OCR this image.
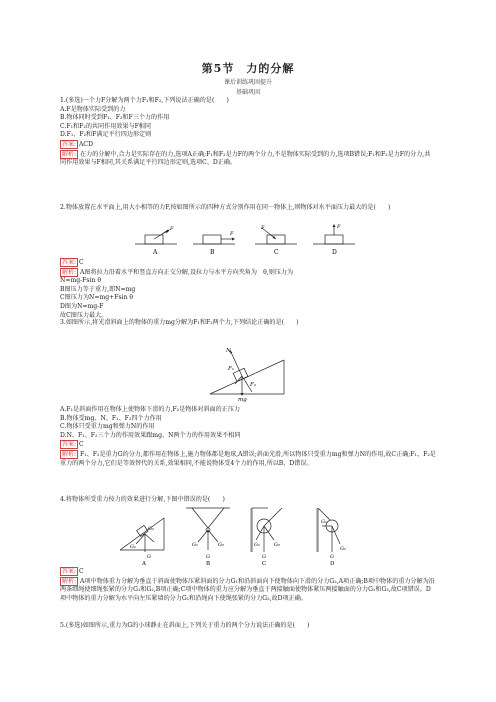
第5节　力的分解
课后训练巩固提升
基础巩固
1.(多选)一个力F分解为两个力F₁和F₂,下列说法正确的是(　　)
A.F是物体实际受到的力
B.物体同时受到F₁、F₂和F三个力的作用
C.F₁和F₂的共同作用效果与F相同
D.F₁、F₂和F满足平行四边形定则
答案: ACD
解析: 在力的分解中,合力是实际存在的力,选项A正确;F₁和F₂是力F的两个分力,不是物体实际受到的力,选项B错误;F₁和F₂是力F的分力,共同作用效果与F相同,其关系满足平行四边形定则,选项C、D正确。
2.物体放置在水平面上,用大小相等的力F,按如图所示的四种方式分别作用在同一物体上,则物体对水平面压力最大的是(　　)
F
F
F	F
A	B	C	D
答案: C
解析: A图将拉力沿着水平和竖直方向正交分解,设拉力与水平方向夹角为　θ,则压力为
N=mg-Fsin θ
B图压力等于重力,即N=mg
C图压力为N=mg+Fsin θ
D图为N=mg-F
故C图压力最大。
3.如图所示,将光滑斜面上的物体的重力mg分解为F₁和F₂两个力,下列结论正确的是(　　)
N
F₁
F₂
mg
A.F₁是斜面作用在物体上使物体下滑的力,F₂是物体对斜面的正压力
B.物体受mg、N、F₁、F₂四个力作用
C.物体只受重力mg和弹力N的作用
D.N、F₁、F₂三个力的作用效果跟mg、N两个力的作用效果不相同
答案: C
解析: F₁、F₂是重力G的分力,都作用在物体上,施力物体都是地球,A错误;斜面光滑,所以物体只受重力mg和弹力N的作用,故C正确;F₁、F₂是重力的两个分力,它们是等效替代的关系,效果相同,不能说物体受4个力的作用,所以B、D错误。
4.将物体所受重力按力的效果进行分解,下图中错误的是(　　)
G₂
G₁
G
G₁	G₂
G
G₁	G₂
G
G₁
G₂
G
A	B	C	D
答案: C
解析: A项中物体重力分解为垂直于斜面使物体压紧斜面的分力G₁和沿斜面向下使物体向下滑的分力G₂,A项正确;B项中物体的重力分解为沿两条细绳使细绳张紧的分力G₁和G₂,B项正确;C项中物体的重力应分解为垂直于两接触面使物体紧压两接触面的分力G₁和G₂,故C项错误。D项中物体的重力分解为水平向左压紧墙的分力G₁和沿绳向下使绳张紧的分力G₂,故D项正确。
5.(多选)如图所示,重力为G的小球静止在斜面上,下列关于重力的两个分力说法正确的是(　　)
